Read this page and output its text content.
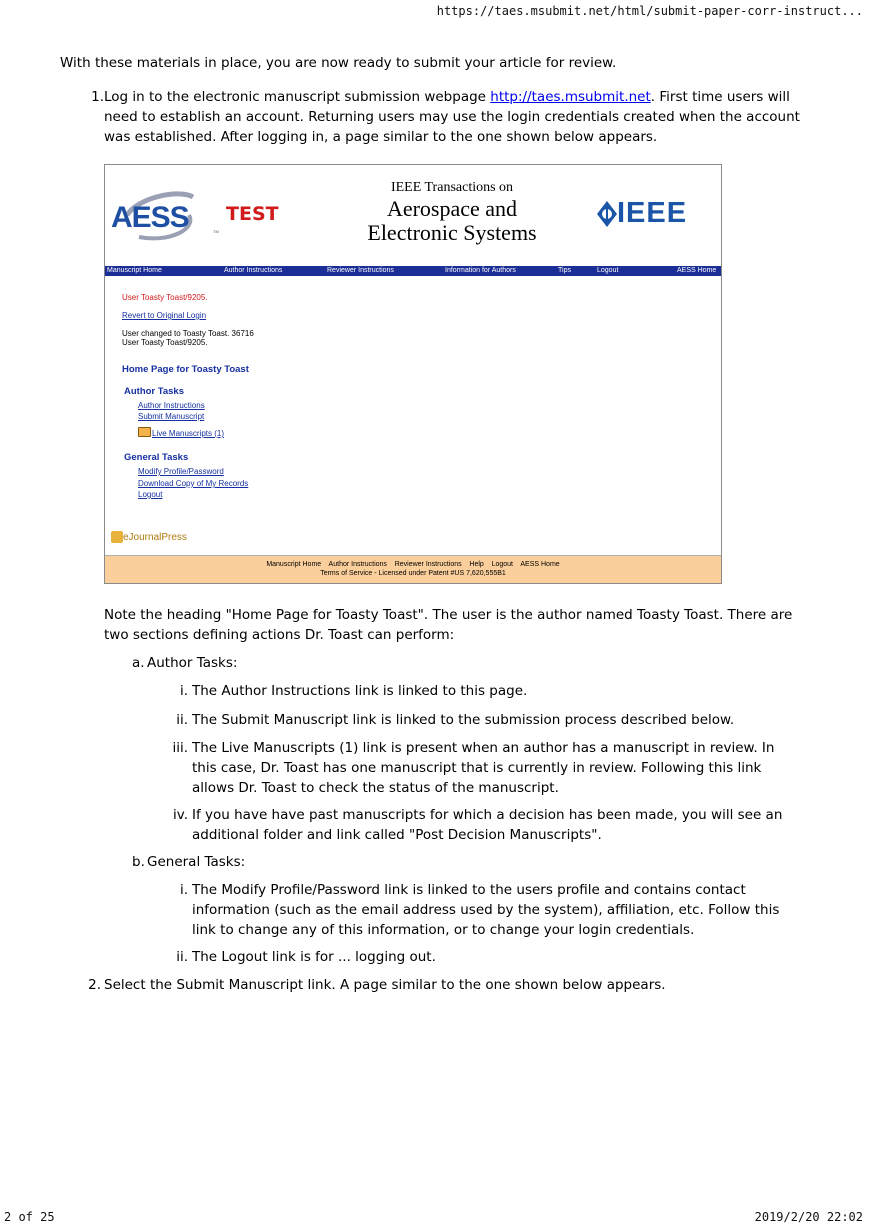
https://taes.msubmit.net/html/submit-paper-corr-instruct...
2 of 25	2019/2/20 22:02

With these materials in place, you are now ready to submit your article for review.

1. Log in to the electronic manuscript submission webpage http://taes.msubmit.net. First time users will
need to establish an account. Returning users may use the login credentials created when the account
was established. After logging in, a page similar to the one shown below appears.
AESS	TM
TEST
IEEE Transactions on
Aerospace and
Electronic Systems
IEEE
Manuscript Home	Author Instructions	Reviewer Instructions	Information for Authors	Tips	Logout	AESS Home
User Toasty Toast/9205.
Revert to Original Login
User changed to Toasty Toast. 36716
User Toasty Toast/9205.
Home Page for Toasty Toast
Author Tasks
Author Instructions
Submit Manuscript
Live Manuscripts (1)
General Tasks
Modify Profile/Password
Download Copy of My Records
Logout
eJournalPress
Manuscript Home    Author Instructions    Reviewer Instructions    Help    Logout    AESS Home
Terms of Service - Licensed under Patent #US 7,620,555B1
Note the heading "Home Page for Toasty Toast". The user is the author named Toasty Toast. There are
two sections defining actions Dr. Toast can perform:
a. Author Tasks:
i. The Author Instructions link is linked to this page.
ii. The Submit Manuscript link is linked to the submission process described below.
iii. The Live Manuscripts (1) link is present when an author has a manuscript in review. In
this case, Dr. Toast has one manuscript that is currently in review. Following this link
allows Dr. Toast to check the status of the manuscript.
iv. If you have have past manuscripts for which a decision has been made, you will see an
additional folder and link called "Post Decision Manuscripts".
b. General Tasks:
i. The Modify Profile/Password link is linked to the users profile and contains contact
information (such as the email address used by the system), affiliation, etc. Follow this
link to change any of this information, or to change your login credentials.
ii. The Logout link is for ... logging out.
2. Select the Submit Manuscript link. A page similar to the one shown below appears.
